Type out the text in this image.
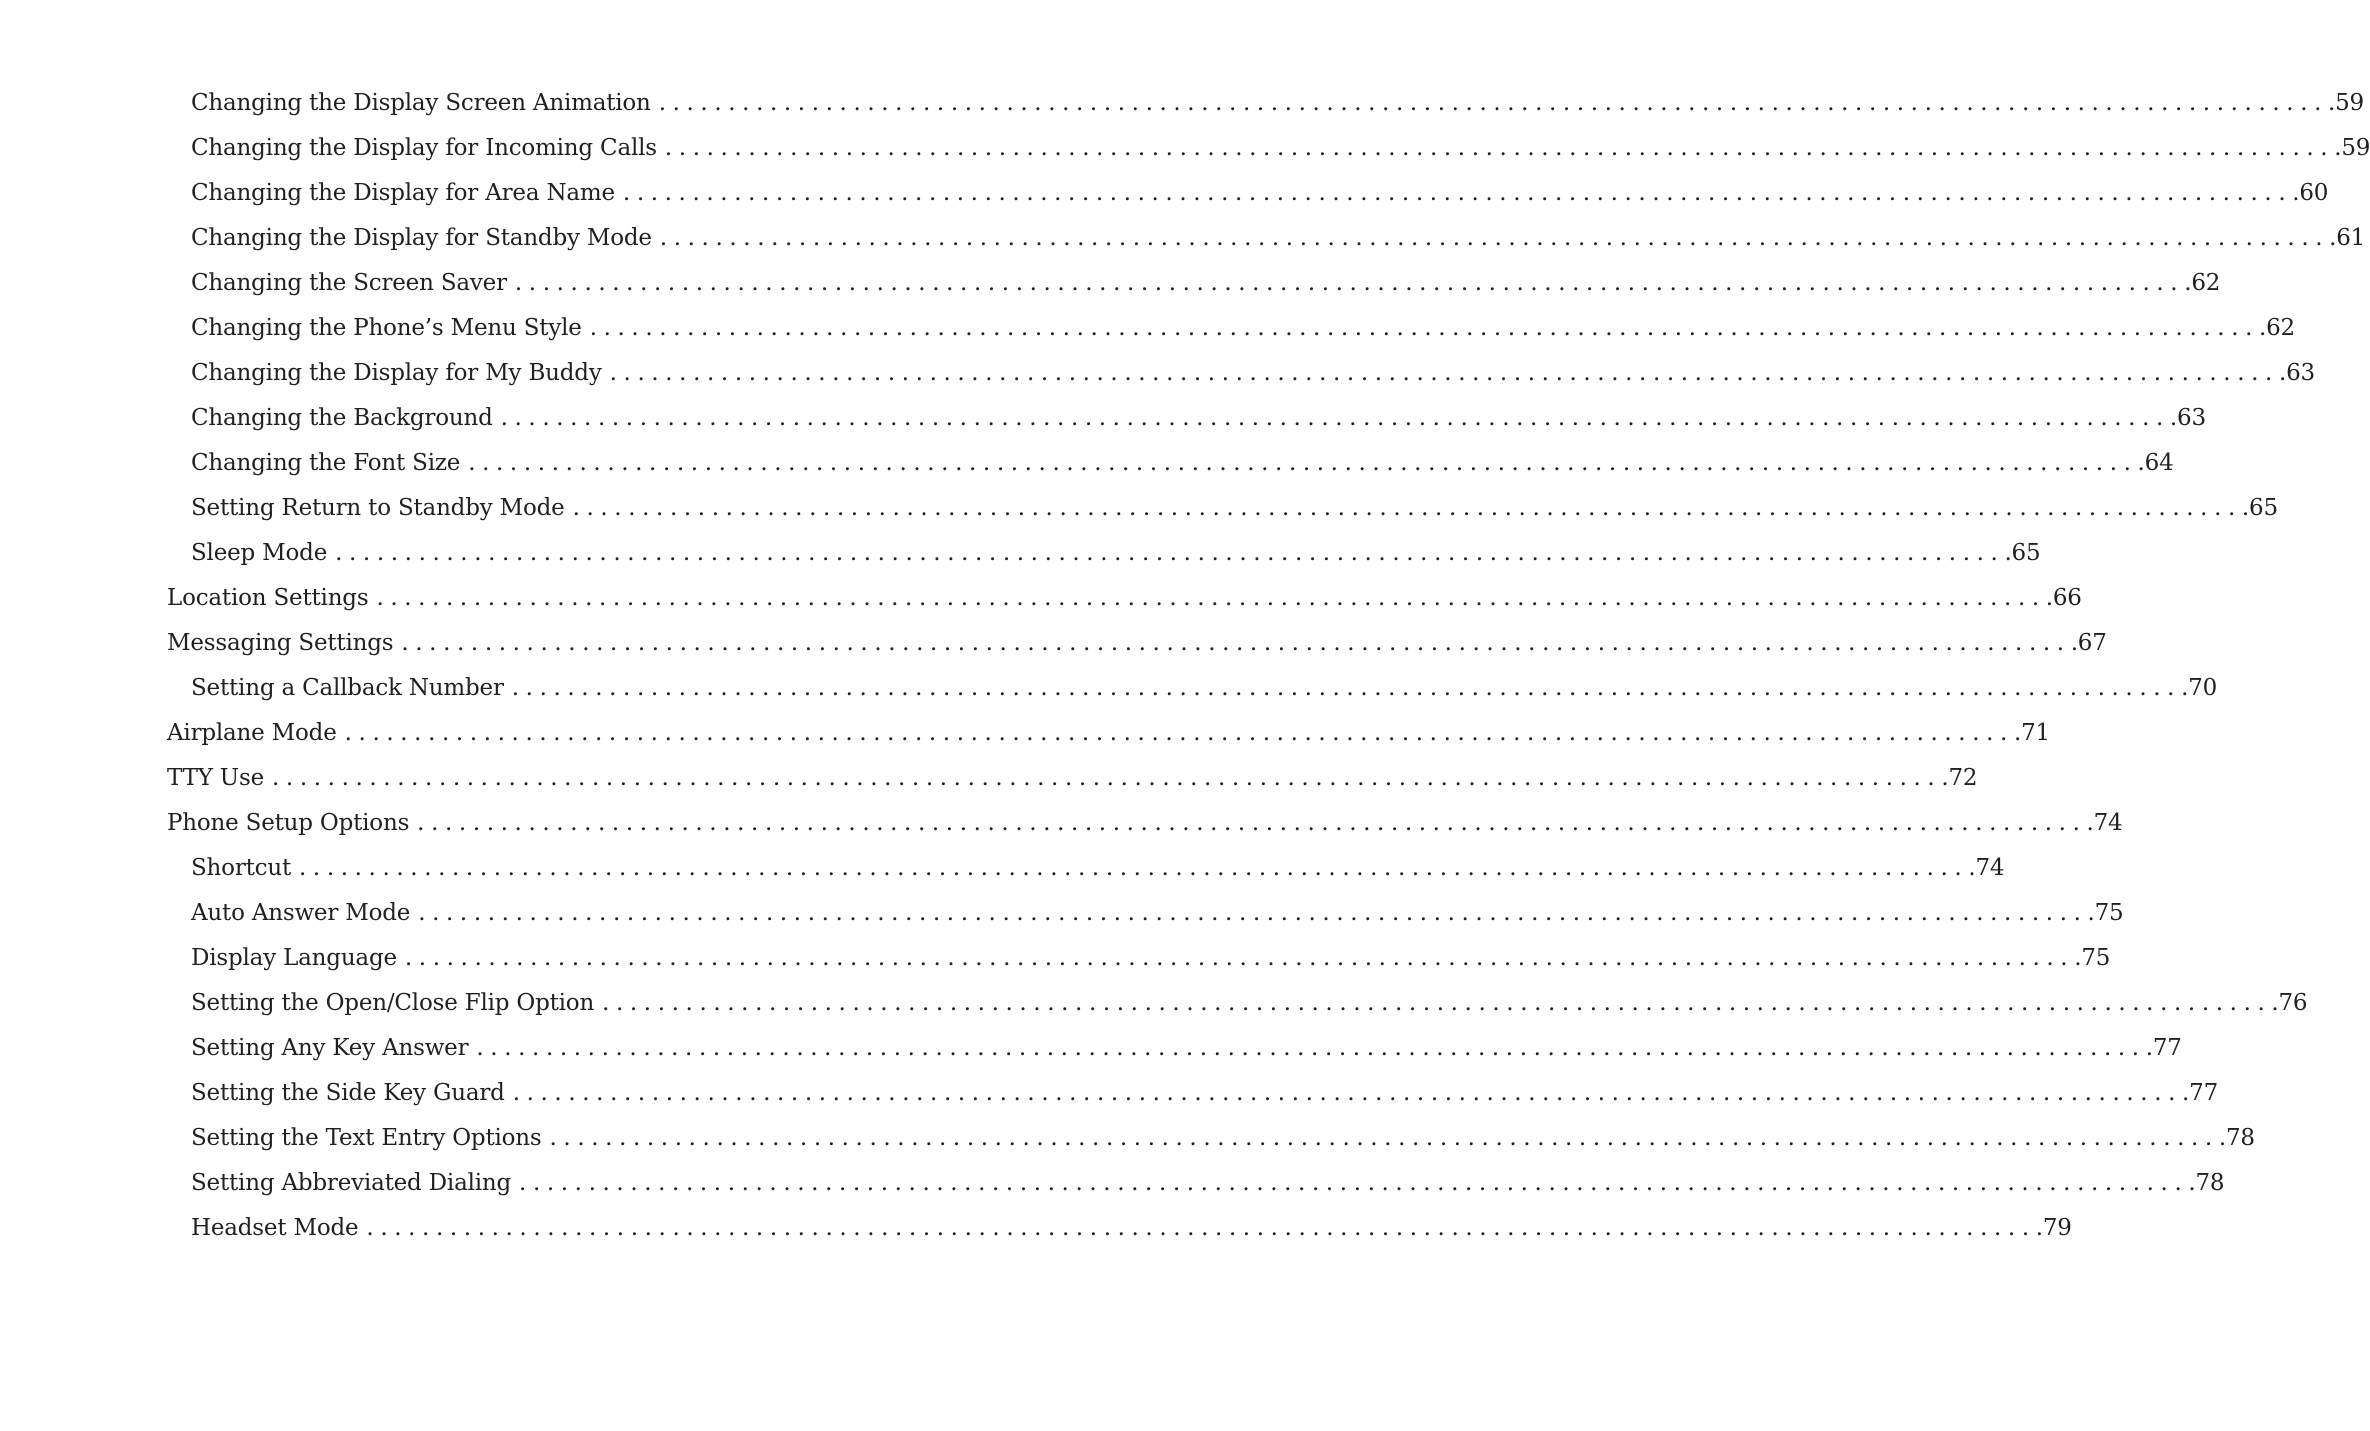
Changing the Display Screen Animation ........................................................................................................................ .59
Changing the Display for Incoming Calls ........................................................................................................................ .59
Changing the Display for Area Name ........................................................................................................................ .60
Changing the Display for Standby Mode ........................................................................................................................ .61
Changing the Screen Saver ........................................................................................................................ .62
Changing the Phone’s Menu Style ........................................................................................................................ .62
Changing the Display for My Buddy ........................................................................................................................ .63
Changing the Background ........................................................................................................................ .63
Changing the Font Size ........................................................................................................................ .64
Setting Return to Standby Mode ........................................................................................................................ .65
Sleep Mode ........................................................................................................................ .65
Location Settings ........................................................................................................................ .66
Messaging Settings ........................................................................................................................ .67
Setting a Callback Number ........................................................................................................................ .70
Airplane Mode ........................................................................................................................ .71
TTY Use ........................................................................................................................ .72
Phone Setup Options ........................................................................................................................ .74
Shortcut ........................................................................................................................ .74
Auto Answer Mode ........................................................................................................................ .75
Display Language ........................................................................................................................ .75
Setting the Open/Close Flip Option ........................................................................................................................ .76
Setting Any Key Answer ........................................................................................................................ .77
Setting the Side Key Guard ........................................................................................................................ .77
Setting the Text Entry Options ........................................................................................................................ .78
Setting Abbreviated Dialing ........................................................................................................................ .78
Headset Mode ........................................................................................................................ .79
